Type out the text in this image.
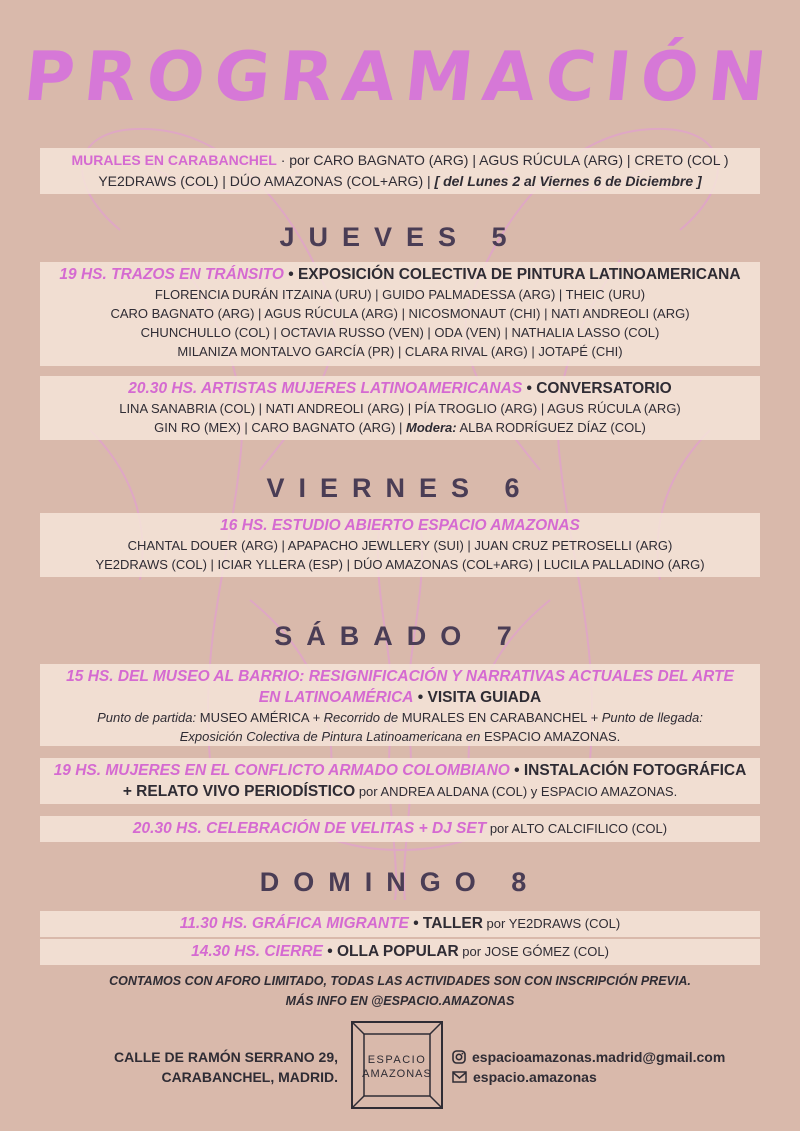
PROGRAMACIÓN
MURALES EN CARABANCHEL · por CARO BAGNATO (ARG) | AGUS RÚCULA (ARG) | CRETO (COL )
YE2DRAWS (COL) | DÚO AMAZONAS (COL+ARG) | [ del Lunes 2 al Viernes 6 de Diciembre ]
JUEVES 5
19 HS. TRAZOS EN TRÁNSITO • EXPOSICIÓN COLECTIVA DE PINTURA LATINOAMERICANA
FLORENCIA DURÁN ITZAINA (URU) | GUIDO PALMADESSA (ARG) | THEIC (URU)
CARO BAGNATO (ARG) | AGUS RÚCULA (ARG) | NICOSMONAUT (CHI) | NATI ANDREOLI (ARG)
CHUNCHULLO (COL) | OCTAVIA RUSSO (VEN) | ODA (VEN) | NATHALIA LASSO (COL)
MILANIZA MONTALVO GARCÍA (PR) | CLARA RIVAL (ARG) | JOTAPÉ (CHI)
20.30 HS. ARTISTAS MUJERES LATINOAMERICANAS • CONVERSATORIO
LINA SANABRIA (COL) | NATI ANDREOLI (ARG) | PÍA TROGLIO (ARG) | AGUS RÚCULA (ARG)
GIN RO (MEX) | CARO BAGNATO (ARG) | Modera: ALBA RODRÍGUEZ DÍAZ (COL)
VIERNES 6
16 HS. ESTUDIO ABIERTO ESPACIO AMAZONAS
CHANTAL DOUER (ARG) | APAPACHO JEWLLERY (SUI) | JUAN CRUZ PETROSELLI (ARG)
YE2DRAWS (COL) | ICIAR YLLERA (ESP) | DÚO AMAZONAS (COL+ARG) | LUCILA PALLADINO (ARG)
SÁBADO 7
15 HS. DEL MUSEO AL BARRIO: RESIGNIFICACIÓN Y NARRATIVAS ACTUALES DEL ARTE
EN LATINOAMÉRICA • VISITA GUIADA
Punto de partida: MUSEO AMÉRICA + Recorrido de MURALES EN CARABANCHEL + Punto de llegada:
Exposición Colectiva de Pintura Latinoamericana en ESPACIO AMAZONAS.
19 HS. MUJERES EN EL CONFLICTO ARMADO COLOMBIANO • INSTALACIÓN FOTOGRÁFICA
+ RELATO VIVO PERIODÍSTICO por ANDREA ALDANA (COL) y ESPACIO AMAZONAS.
20.30 HS. CELEBRACIÓN DE VELITAS + DJ SET por ALTO CALCIFILICO (COL)
DOMINGO 8
11.30 HS. GRÁFICA MIGRANTE • TALLER por YE2DRAWS (COL)
14.30 HS. CIERRE • OLLA POPULAR por JOSE GÓMEZ (COL)
CONTAMOS CON AFORO LIMITADO, TODAS LAS ACTIVIDADES SON CON INSCRIPCIÓN PREVIA.
MÁS INFO EN @ESPACIO.AMAZONAS
CALLE DE RAMÓN SERRANO 29,
CARABANCHEL, MADRID.
ESPACIO
AMAZONAS
espacioamazonas.madrid@gmail.com
espacio.amazonas
